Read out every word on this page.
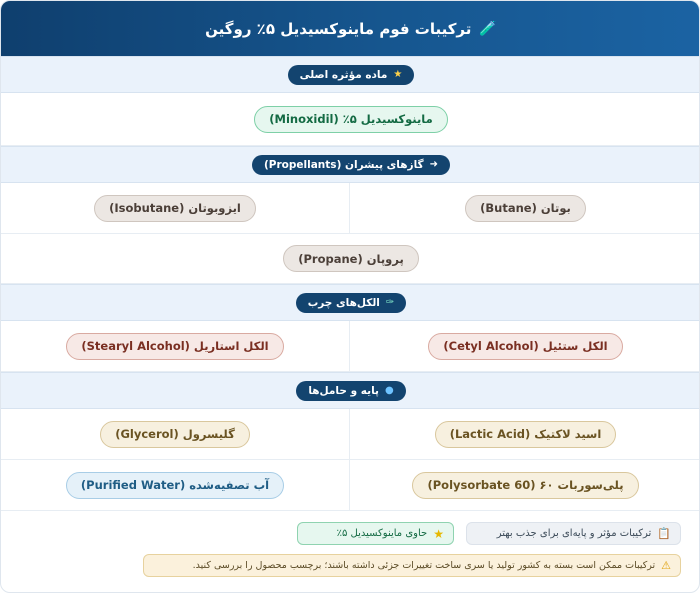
🧪
ترکیبات فوم ماینوکسیدیل ۵٪ روگین
★
ماده مؤثره اصلی
ماینوکسیدیل ۵٪ (Minoxidil)
➜
گازهای پیشران (Propellants)
بوتان (Butane)
ایزوبوتان (Isobutane)
پروپان (Propane)
✑
الکل‌های چرب
الکل ستئیل (Cetyl Alcohol)
الکل استاریل (Stearyl Alcohol)
●
پایه و حامل‌ها
اسید لاکتیک (Lactic Acid)
گلیسرول (Glycerol)
پلی‌سوربات ۶۰ (Polysorbate 60)
آب تصفیه‌شده (Purified Water)
📋
ترکیبات مؤثر و پایه‌ای برای جذب بهتر
★
حاوی ماینوکسیدیل ۵٪
⚠
ترکیبات ممکن است بسته به کشور تولید یا سری ساخت تغییرات جزئی داشته باشند؛ برچسب محصول را بررسی کنید.
